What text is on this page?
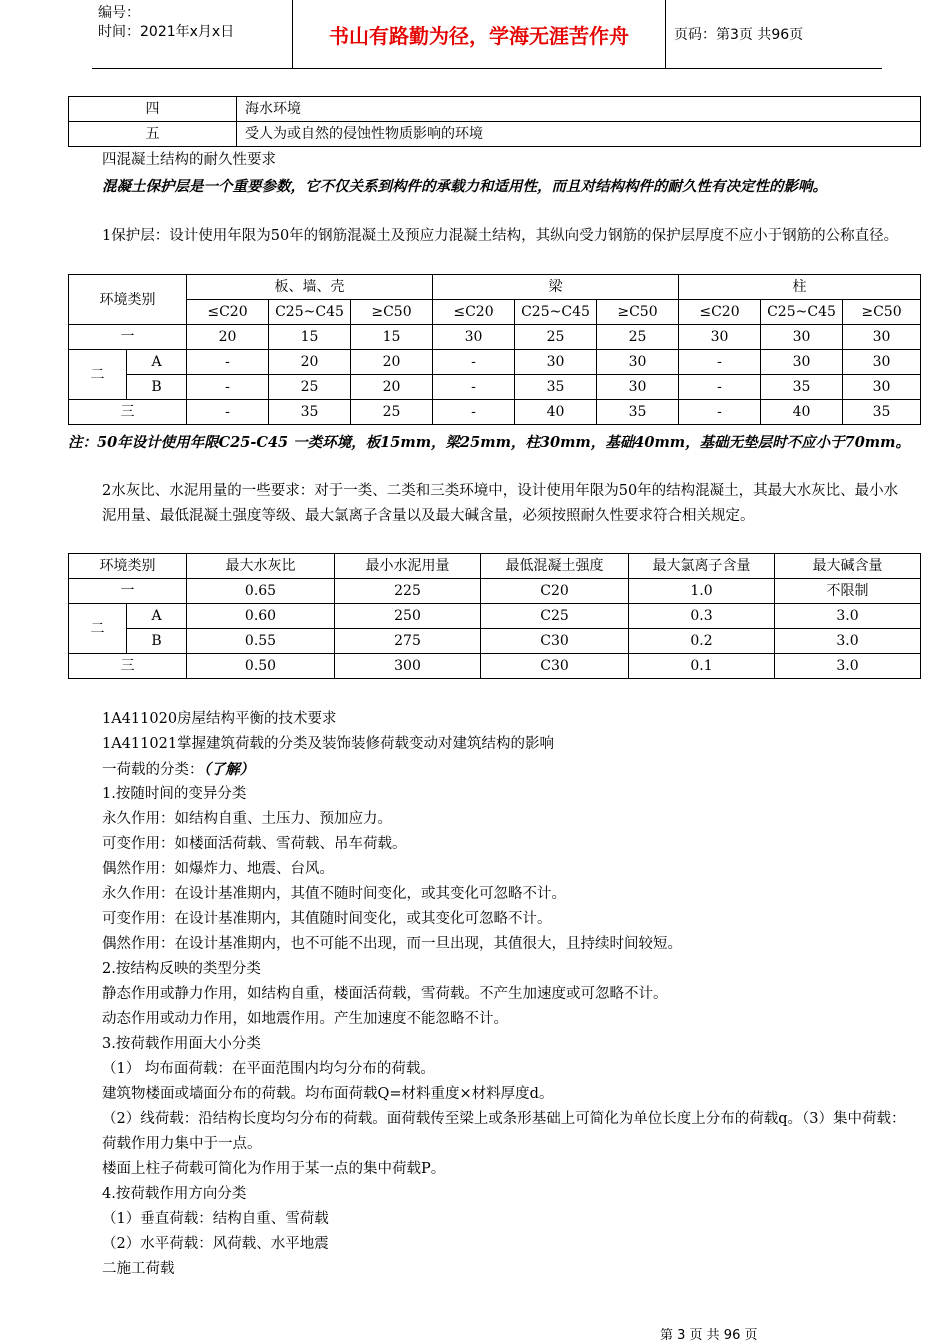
编号：
时间：2021年x月x日	书山有路勤为径，学海无涯苦作舟	页码：第3页 共96页
四	海水环境
五	受人为或自然的侵蚀性物质影响的环境
四混凝土结构的耐久性要求
混凝土保护层是一个重要参数，它不仅关系到构件的承载力和适用性，而且对结构构件的耐久性有决定性的影响。
1保护层：设计使用年限为50年的钢筋混凝土及预应力混凝土结构，其纵向受力钢筋的保护层厚度不应小于钢筋的公称直径。
环境类别		板、墙、壳			梁			柱		
		≤C20	C25~C45	≥C50	≤C20	C25~C45	≥C50	≤C20	C25~C45	≥C50
一		20	15	15	30	25	25	30	30	30
二	A	-	20	20	-	30	30	-	30	30
	B	-	25	20	-	35	30	-	35	30
三		-	35	25	-	40	35	-	40	35
注：50年设计使用年限C25-C45 一类环境，板15mm，梁25mm，柱30mm，基础40mm，基础无垫层时不应小于70mm。
2水灰比、水泥用量的一些要求：对于一类、二类和三类环境中，设计使用年限为50年的结构混凝土，其最大水灰比、最小水泥用量、最低混凝土强度等级、最大氯离子含量以及最大碱含量，必须按照耐久性要求符合相关规定。
环境类别		最大水灰比	最小水泥用量	最低混凝土强度	最大氯离子含量	最大碱含量
一		0.65	225	C20	1.0	不限制
二	A	0.60	250	C25	0.3	3.0
	B	0.55	275	C30	0.2	3.0
三		0.50	300	C30	0.1	3.0
1A411020房屋结构平衡的技术要求
1A411021掌握建筑荷载的分类及装饰装修荷载变动对建筑结构的影响
一荷载的分类：（了解）
1.按随时间的变异分类
永久作用：如结构自重、土压力、预加应力。
可变作用：如楼面活荷载、雪荷载、吊车荷载。
偶然作用：如爆炸力、地震、台风。
永久作用：在设计基准期内，其值不随时间变化，或其变化可忽略不计。
可变作用：在设计基准期内，其值随时间变化，或其变化可忽略不计。
偶然作用：在设计基准期内，也不可能不出现，而一旦出现，其值很大，且持续时间较短。
2.按结构反映的类型分类
静态作用或静力作用，如结构自重，楼面活荷载，雪荷载。不产生加速度或可忽略不计。
动态作用或动力作用，如地震作用。产生加速度不能忽略不计。
3.按荷载作用面大小分类
（1） 均布面荷载：在平面范围内均匀分布的荷载。
建筑物楼面或墙面分布的荷载。均布面荷载Q=材料重度×材料厚度d。
（2）线荷载：沿结构长度均匀分布的荷载。面荷载传至梁上或条形基础上可简化为单位长度上分布的荷载q。（3）集中荷载：荷载作用力集中于一点。
楼面上柱子荷载可简化为作用于某一点的集中荷载P。
4.按荷载作用方向分类
（1）垂直荷载：结构自重、雪荷载
（2）水平荷载：风荷载、水平地震
二施工荷载
第 3 页 共 96 页
